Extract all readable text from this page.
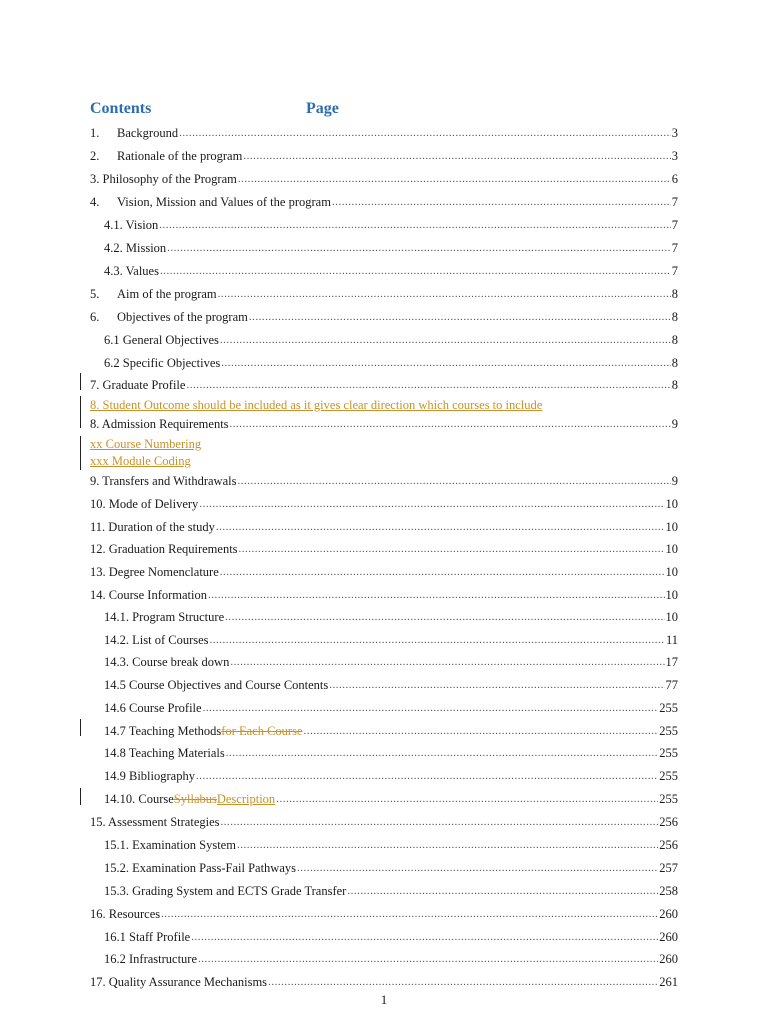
Contents	Page
1.	Background .....	3
2.	Rationale of the program .....	3
3. Philosophy of the Program .....	6
4.	Vision, Mission and Values of the program .....	7
4.1. Vision .....	7
4.2. Mission .....	7
4.3. Values .....	7
5.	Aim of the program .....	8
6.	Objectives of the program .....	8
6.1 General Objectives .....	8
6.2 Specific Objectives .....	8
7. Graduate Profile .....	8
8. Admission Requirements .....	9
9. Transfers and Withdrawals .....	9
10. Mode of Delivery .....	10
11. Duration of the study .....	10
12. Graduation Requirements .....	10
13. Degree Nomenclature .....	10
14. Course Information .....	10
14.1. Program Structure .....	10
14.2. List of Courses .....	11
14.3. Course break down .....	17
14.5 Course Objectives and Course Contents .....	77
14.6 Course Profile .....	255
14.7 Teaching Methods for Each Course .....	255
14.8 Teaching Materials .....	255
14.9 Bibliography .....	255
14.10. Course Syllabus Description .....	255
15. Assessment Strategies .....	256
15.1. Examination System .....	256
15.2. Examination Pass-Fail Pathways .....	257
15.3. Grading System and ECTS Grade Transfer .....	258
16. Resources .....	260
16.1 Staff Profile .....	260
16.2 Infrastructure .....	260
17. Quality Assurance Mechanisms .....	261
8. Student Outcome should be included as it gives clear direction which courses to include
xx Course Numbering
xxx Module Coding
1
